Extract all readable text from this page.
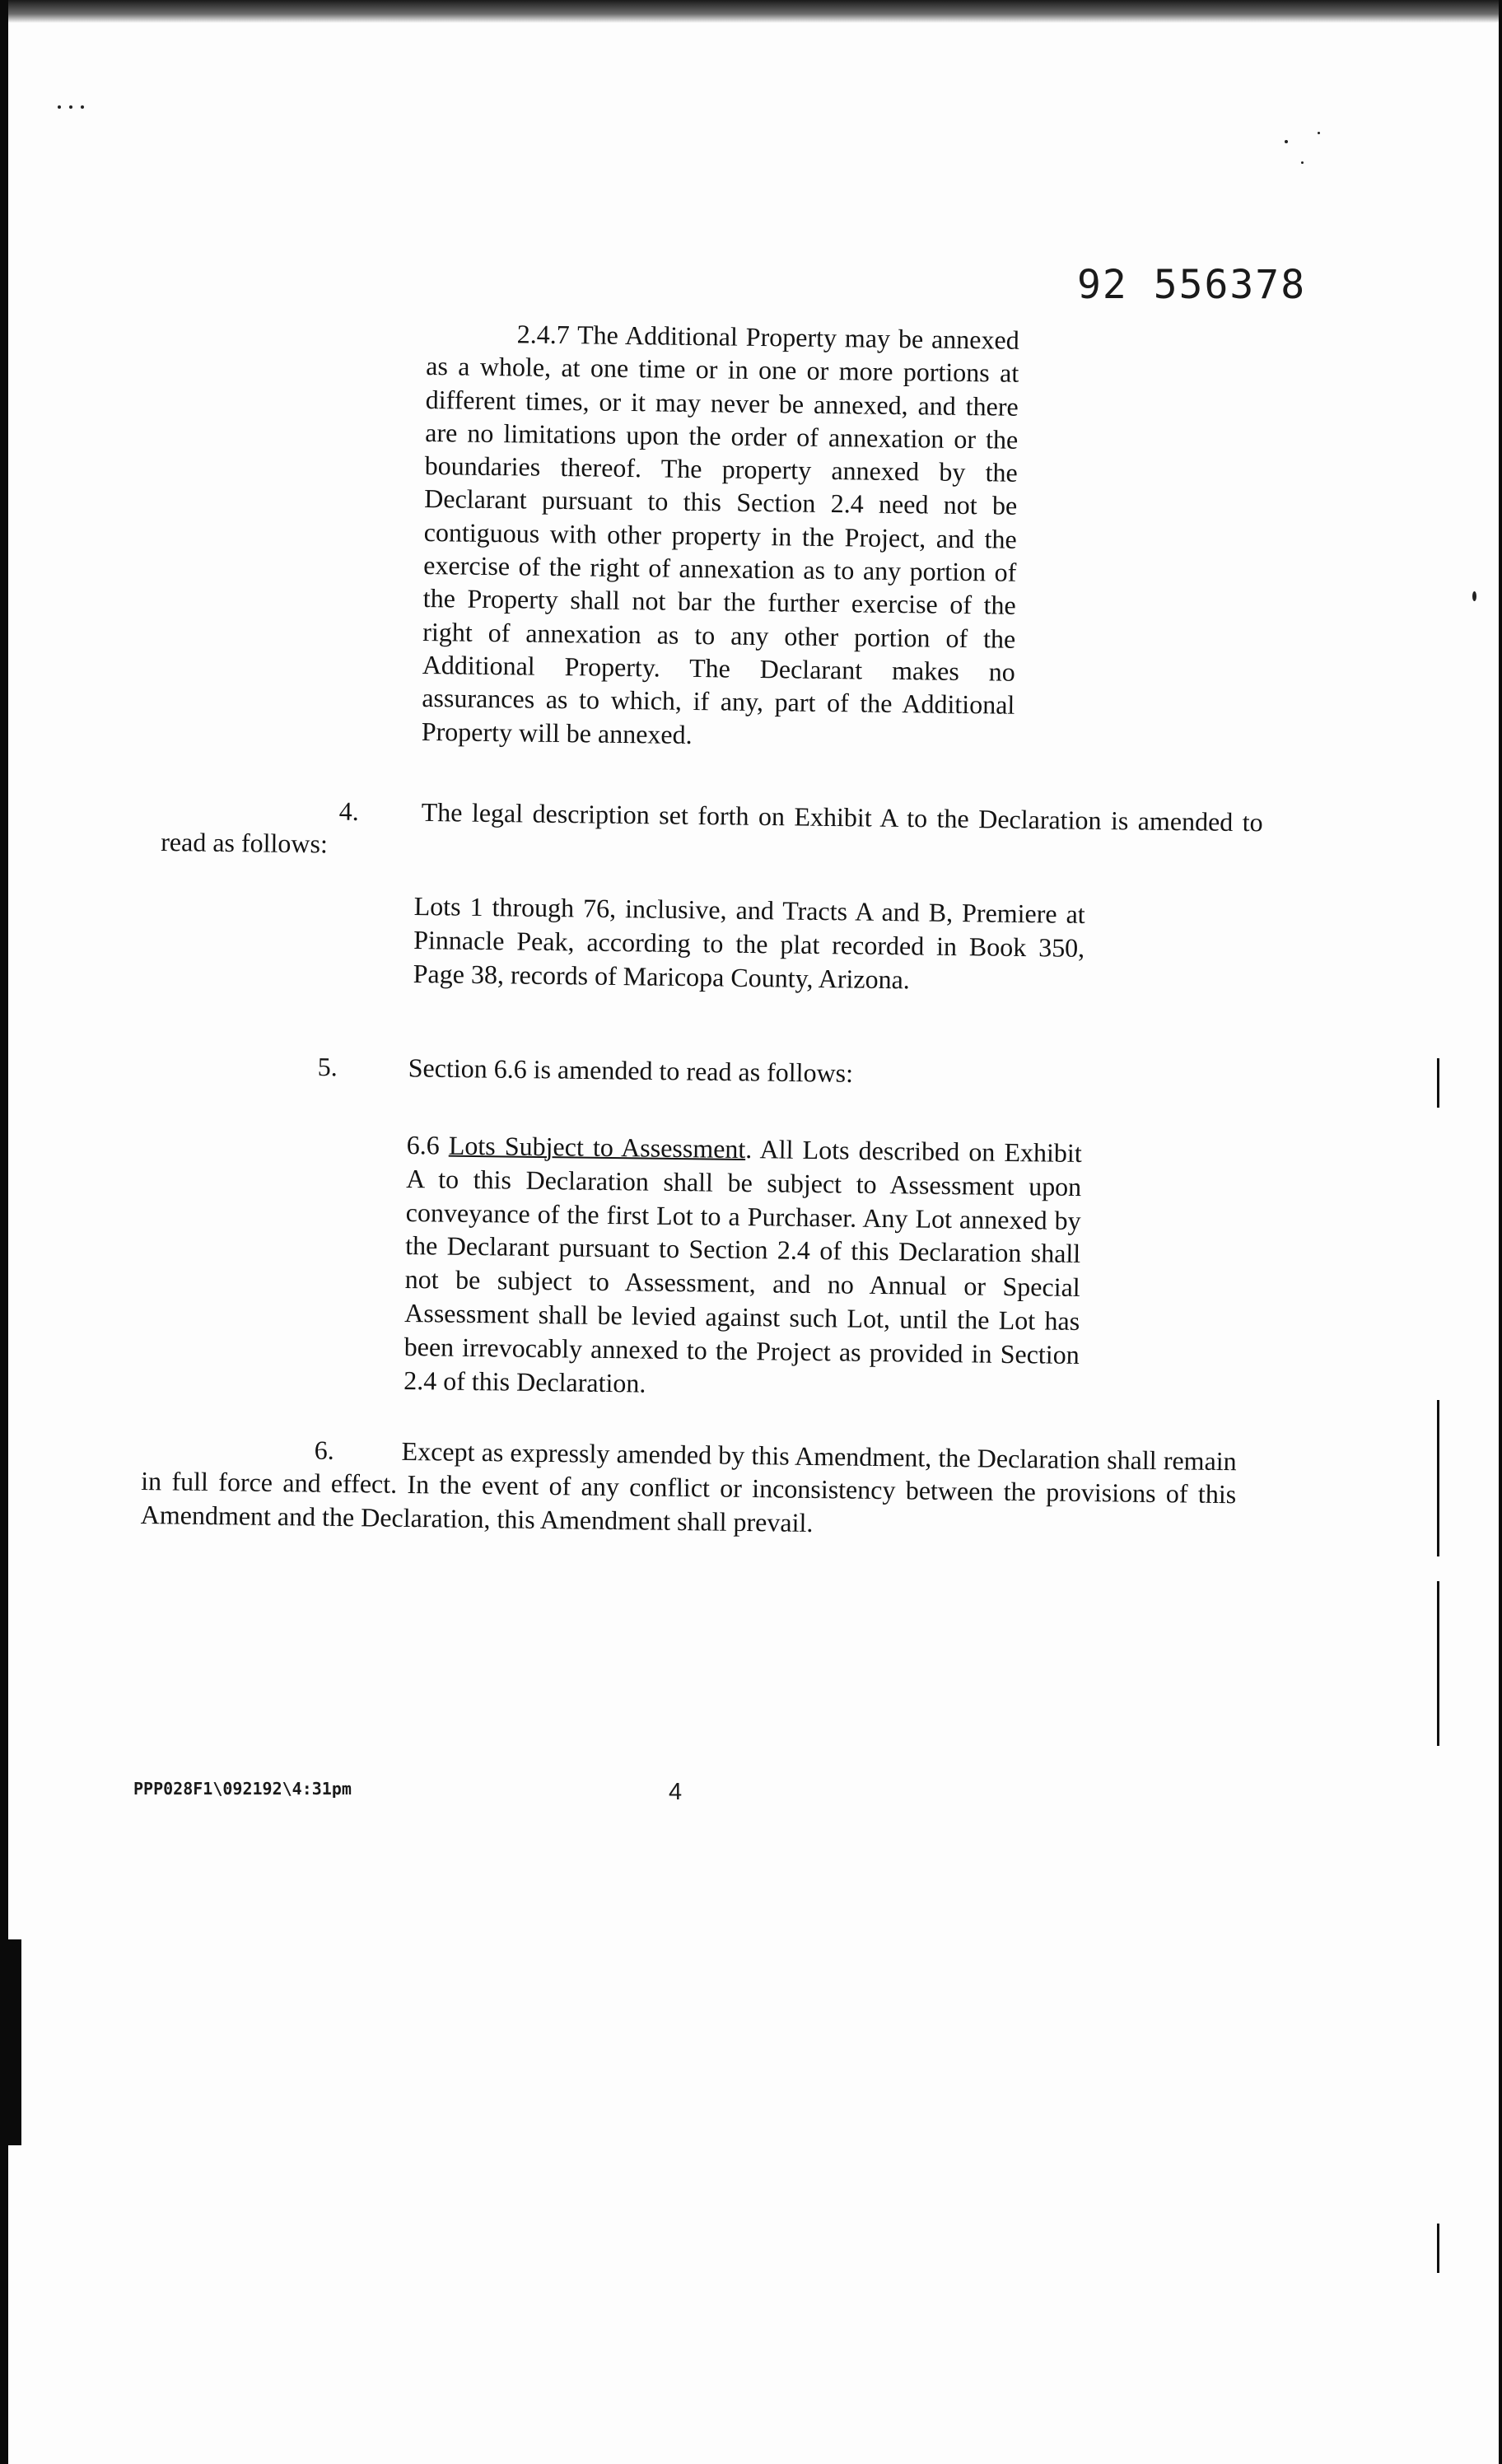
92 556378
2.4.7 The Additional Property may be annexed as a whole, at one time or in one or more portions at different times, or it may never be annexed, and there are no limitations upon the order of annexation or the boundaries thereof. The property annexed by the Declarant pursuant to this Section 2.4 need not be contiguous with other property in the Project, and the exercise of the right of annexation as to any portion of the Property shall not bar the further exercise of the right of annexation as to any other portion of the Additional Property. The Declarant makes no assurances as to which, if any, part of the Additional Property will be annexed.
4. The legal description set forth on Exhibit A to the Declaration is amended to read as follows:
Lots 1 through 76, inclusive, and Tracts A and B, Premiere at Pinnacle Peak, according to the plat recorded in Book 350, Page 38, records of Maricopa County, Arizona.
5.	Section 6.6 is amended to read as follows:
6.6 Lots Subject to Assessment. All Lots described on Exhibit A to this Declaration shall be subject to Assessment upon conveyance of the first Lot to a Purchaser. Any Lot annexed by the Declarant pursuant to Section 2.4 of this Declaration shall not be subject to Assessment, and no Annual or Special Assessment shall be levied against such Lot, until the Lot has been irrevocably annexed to the Project as provided in Section 2.4 of this Declaration.
6.	Except as expressly amended by this Amendment, the Declaration shall remain in full force and effect. In the event of any conflict or inconsistency between the provisions of this Amendment and the Declaration, this Amendment shall prevail.
PPP028F1\092192\4:31pm	4
